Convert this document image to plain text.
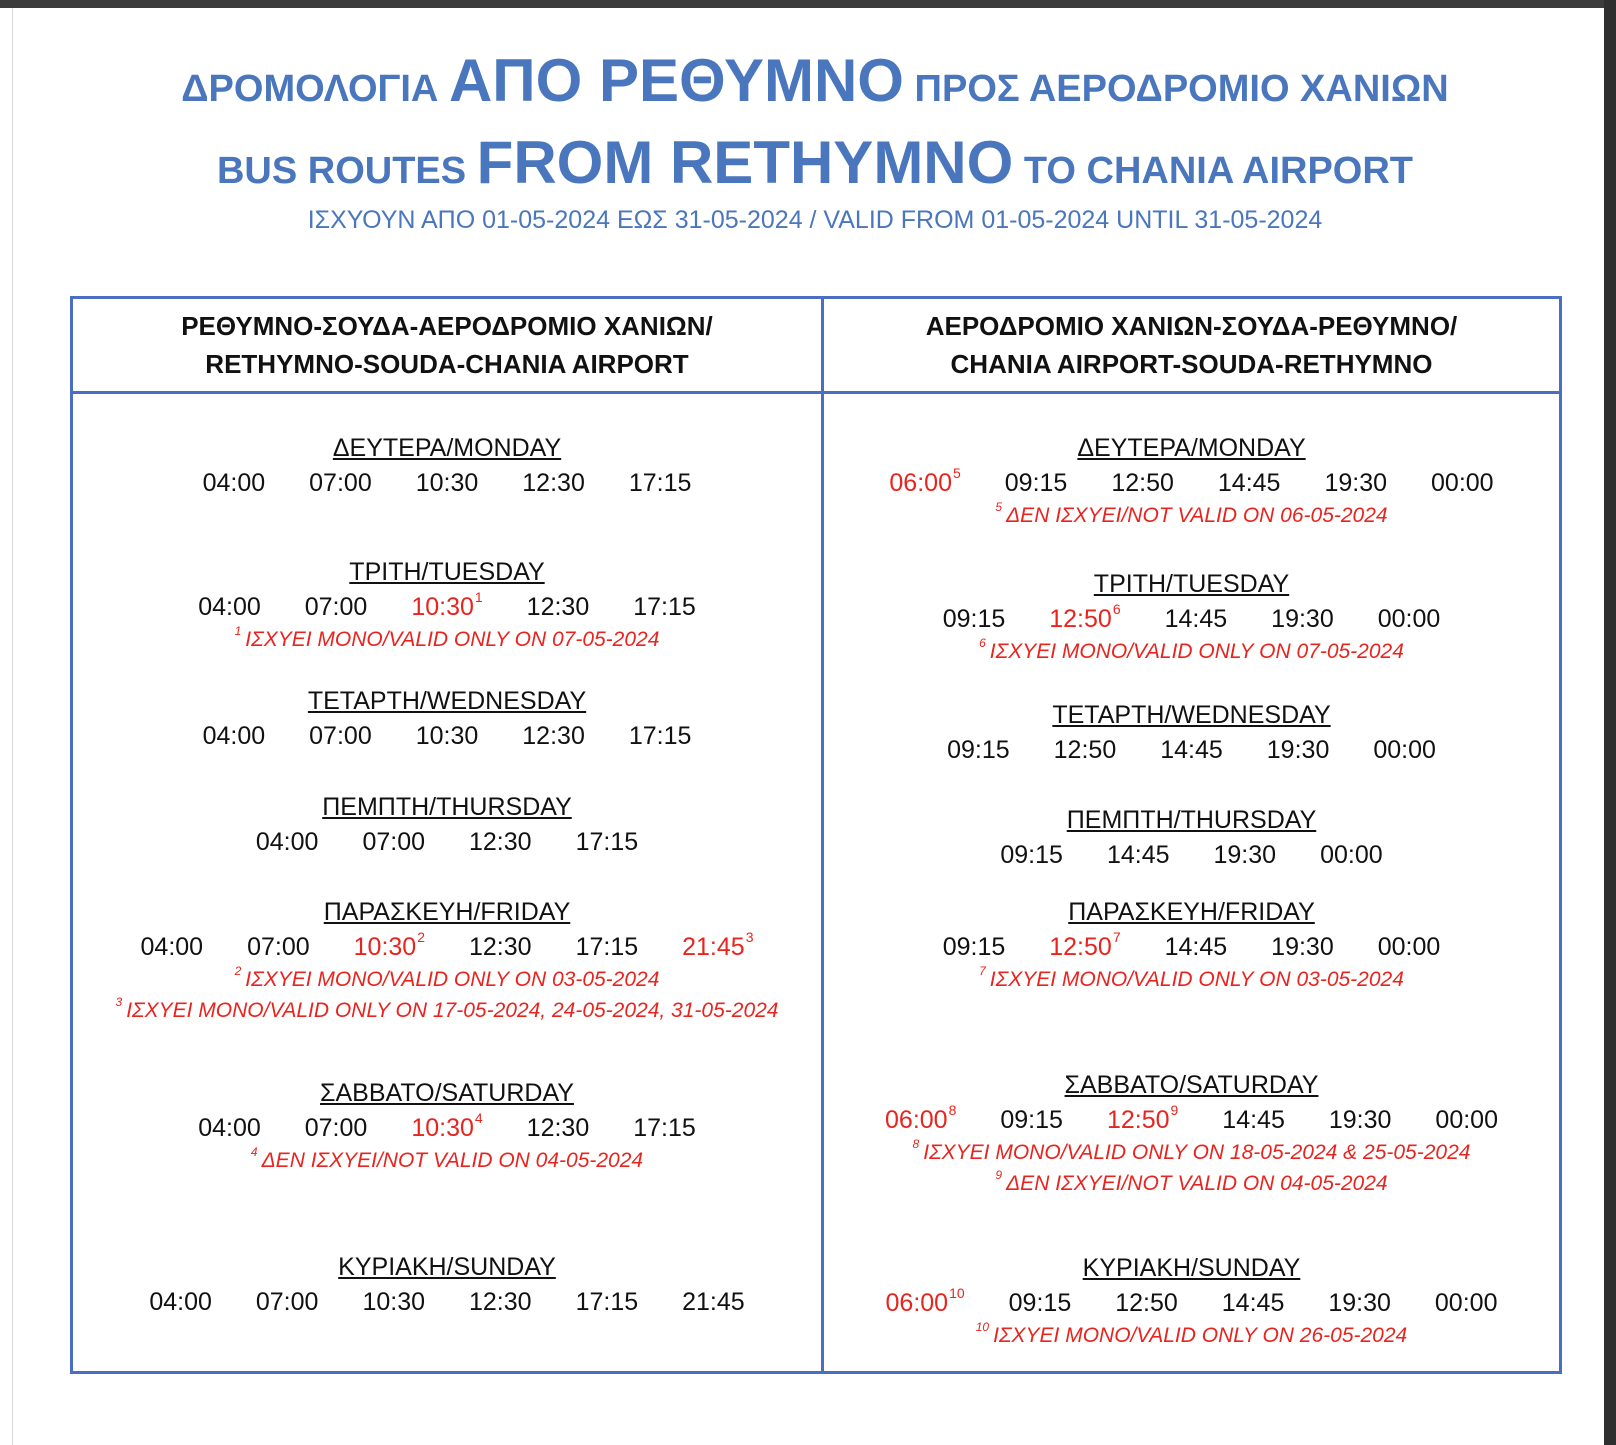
ΔΡΟΜΟΛΟΓΙΑ ΑΠΟ ΡΕΘΥΜΝΟ ΠΡΟΣ ΑΕΡΟΔΡΟΜΙΟ ΧΑΝΙΩΝ
BUS ROUTES FROM RETHYMNO TO CHANIA AIRPORT
ΙΣΧΥΟΥΝ ΑΠΟ 01-05-2024 ΕΩΣ 31-05-2024 / VALID FROM 01-05-2024 UNTIL 31-05-2024
ΡΕΘΥΜΝΟ-ΣΟΥΔΑ-ΑΕΡΟΔΡΟΜΙΟ ΧΑΝΙΩΝ/
RETHYMNO-SOUDA-CHANIA AIRPORT
ΑΕΡΟΔΡΟΜΙΟ ΧΑΝΙΩΝ-ΣΟΥΔΑ-ΡΕΘΥΜΝΟ/
CHANIA AIRPORT-SOUDA-RETHYMNO
ΔΕΥΤΕΡΑ/MONDAY
04:00 07:00 10:30 12:30 17:15
ΤΡΙΤΗ/TUESDAY
04:00 07:00 $10:30^1$ 12:30 17:15
$^1$ ΙΣΧΥΕΙ ΜΟΝΟ/VALID ONLY ON 07-05-2024
ΤΕΤΑΡΤΗ/WEDNESDAY
04:00 07:00 10:30 12:30 17:15
ΠΕΜΠΤΗ/THURSDAY
04:00 07:00 12:30 17:15
ΠΑΡΑΣΚΕΥΗ/FRIDAY
04:00 07:00 $10:30^2$ 12:30 17:15 $21:45^3$
$^2$ ΙΣΧΥΕΙ ΜΟΝΟ/VALID ONLY ON 03-05-2024
$^3$ ΙΣΧΥΕΙ ΜΟΝΟ/VALID ONLY ON 17-05-2024, 24-05-2024, 31-05-2024
ΣΑΒΒΑΤΟ/SATURDAY
04:00 07:00 $10:30^4$ 12:30 17:15
$^4$ ΔΕΝ ΙΣΧΥΕΙ/NOT VALID ON 04-05-2024
ΚΥΡΙΑΚΗ/SUNDAY
04:00 07:00 10:30 12:30 17:15 21:45
ΔΕΥΤΕΡΑ/MONDAY
$06:00^5$ 09:15 12:50 14:45 19:30 00:00
$^5$ ΔΕΝ ΙΣΧΥΕΙ/NOT VALID ON 06-05-2024
ΤΡΙΤΗ/TUESDAY
09:15 $12:50^6$ 14:45 19:30 00:00
$^6$ ΙΣΧΥΕΙ ΜΟΝΟ/VALID ONLY ON 07-05-2024
ΤΕΤΑΡΤΗ/WEDNESDAY
09:15 12:50 14:45 19:30 00:00
ΠΕΜΠΤΗ/THURSDAY
09:15 14:45 19:30 00:00
ΠΑΡΑΣΚΕΥΗ/FRIDAY
09:15 $12:50^7$ 14:45 19:30 00:00
$^7$ ΙΣΧΥΕΙ ΜΟΝΟ/VALID ONLY ON 03-05-2024
ΣΑΒΒΑΤΟ/SATURDAY
$06:00^8$ 09:15 $12:50^9$ 14:45 19:30 00:00
$^8$ ΙΣΧΥΕΙ ΜΟΝΟ/VALID ONLY ON 18-05-2024 & 25-05-2024
$^9$ ΔΕΝ ΙΣΧΥΕΙ/NOT VALID ON 04-05-2024
ΚΥΡΙΑΚΗ/SUNDAY
$06:00^{10}$ 09:15 12:50 14:45 19:30 00:00
$^{10}$ ΙΣΧΥΕΙ ΜΟΝΟ/VALID ONLY ON 26-05-2024
